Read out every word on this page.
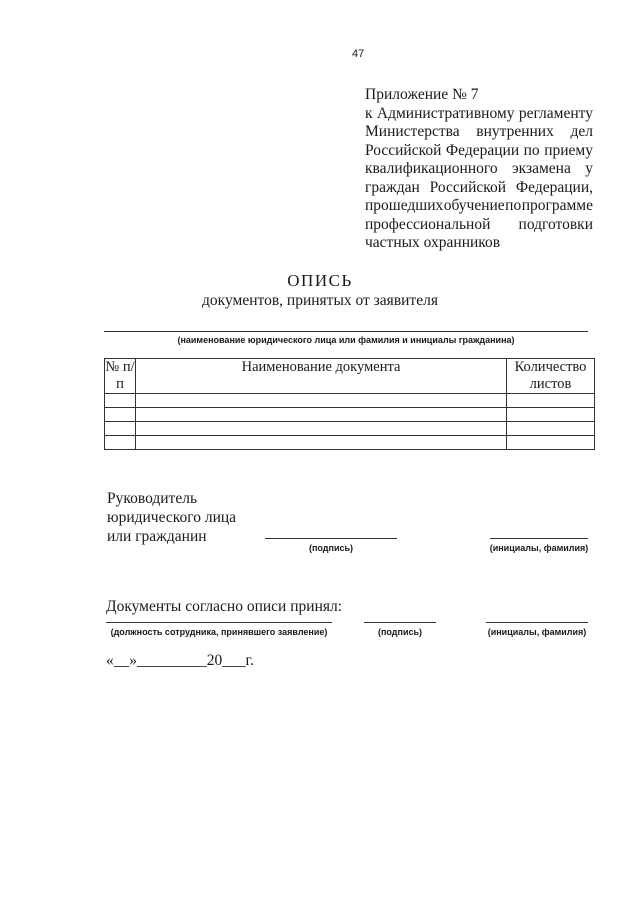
47
Приложение № 7
к Административному регламенту
Министерства внутренних дел
Российской Федерации по приему
квалификационного экзамена у
граждан Российской Федерации,
прошедших обучение по программе
профессиональной подготовки
частных охранников
ОПИСЬ
документов, принятых от заявителя
(наименование юридического лица или фамилия и инициалы гражданина)
№ п/п	Наименование документа	Количество листов

Руководитель
юридического лица
или гражданин
(подпись)	(инициалы, фамилия)
Документы согласно описи принял:
(должность сотрудника, принявшего заявление)	(подпись)	(инициалы, фамилия)
«__»_________20___г.
